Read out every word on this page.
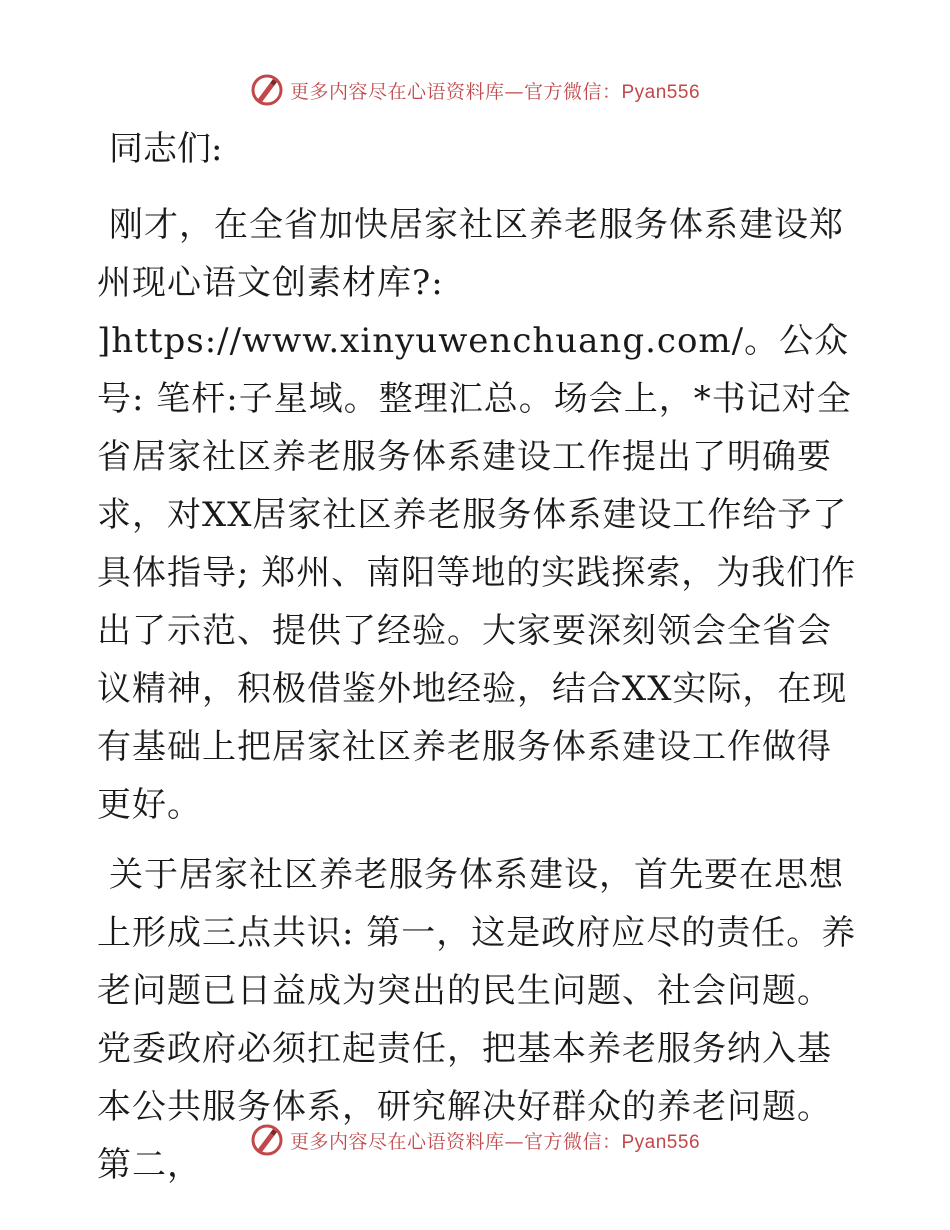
更多内容尽在心语资料库—官方微信：Pyan556
同志们:

刚才，在全省加快居家社区养老服务体系建设郑州现心语文创素材库?: ]https://www.xinyuwenchuang.com/。公众号: 笔杆:子星域。整理汇总。场会上，*书记对全省居家社区养老服务体系建设工作提出了明确要求，对XX居家社区养老服务体系建设工作给予了具体指导; 郑州、南阳等地的实践探索，为我们作出了示范、提供了经验。大家要深刻领会全省会议精神，积极借鉴外地经验，结合XX实际，在现有基础上把居家社区养老服务体系建设工作做得更好。

关于居家社区养老服务体系建设，首先要在思想上形成三点共识: 第一，这是政府应尽的责任。养老问题已日益成为突出的民生问题、社会问题。党委政府必须扛起责任，把基本养老服务纳入基本公共服务体系，研究解决好群众的养老问题。第二，

更多内容尽在心语资料库—官方微信：Pyan556
